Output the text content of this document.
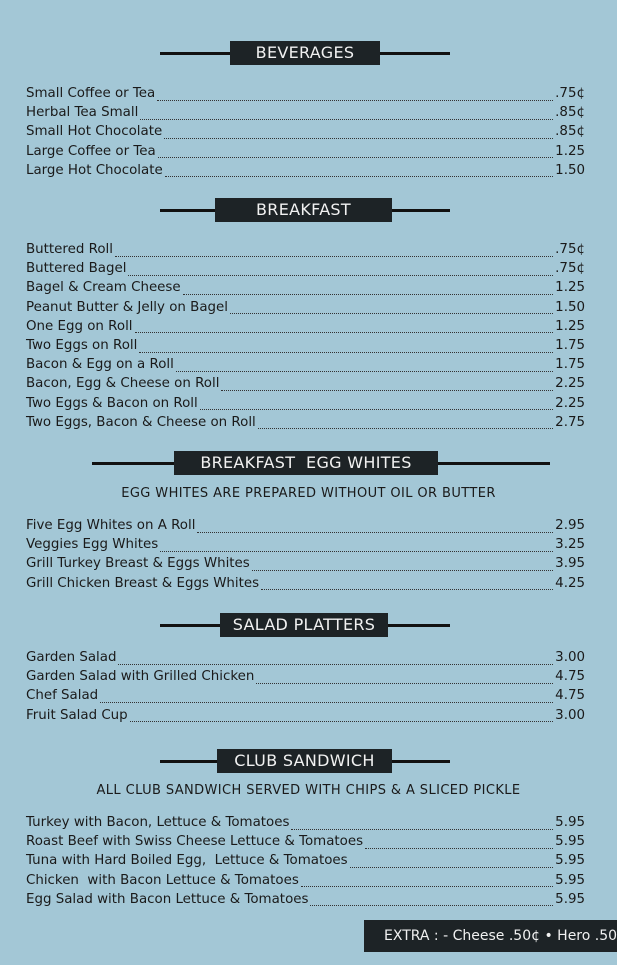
BEVERAGES
Small Coffee or Tea	.75¢
Herbal Tea Small	.85¢
Small Hot Chocolate	.85¢
Large Coffee or Tea	1.25
Large Hot Chocolate	1.50
BREAKFAST
Buttered Roll	.75¢
Buttered Bagel	.75¢
Bagel & Cream Cheese	1.25
Peanut Butter & Jelly on Bagel	1.50
One Egg on Roll	1.25
Two Eggs on Roll	1.75
Bacon & Egg on a Roll	1.75
Bacon, Egg & Cheese on Roll	2.25
Two Eggs & Bacon on Roll	2.25
Two Eggs, Bacon & Cheese on Roll	2.75
BREAKFAST  EGG WHITES
EGG WHITES ARE PREPARED WITHOUT OIL OR BUTTER
Five Egg Whites on A Roll	2.95
Veggies Egg Whites	3.25
Grill Turkey Breast & Eggs Whites	3.95
Grill Chicken Breast & Eggs Whites	4.25
SALAD PLATTERS
Garden Salad	3.00
Garden Salad with Grilled Chicken	4.75
Chef Salad	4.75
Fruit Salad Cup	3.00
CLUB SANDWICH
ALL CLUB SANDWICH SERVED WITH CHIPS & A SLICED PICKLE
Turkey with Bacon, Lettuce & Tomatoes	5.95
Roast Beef with Swiss Cheese Lettuce & Tomatoes	5.95
Tuna with Hard Boiled Egg,  Lettuce & Tomatoes	5.95
Chicken  with Bacon Lettuce & Tomatoes	5.95
Egg Salad with Bacon Lettuce & Tomatoes	5.95
EXTRA : - Cheese .50¢ • Hero .50
